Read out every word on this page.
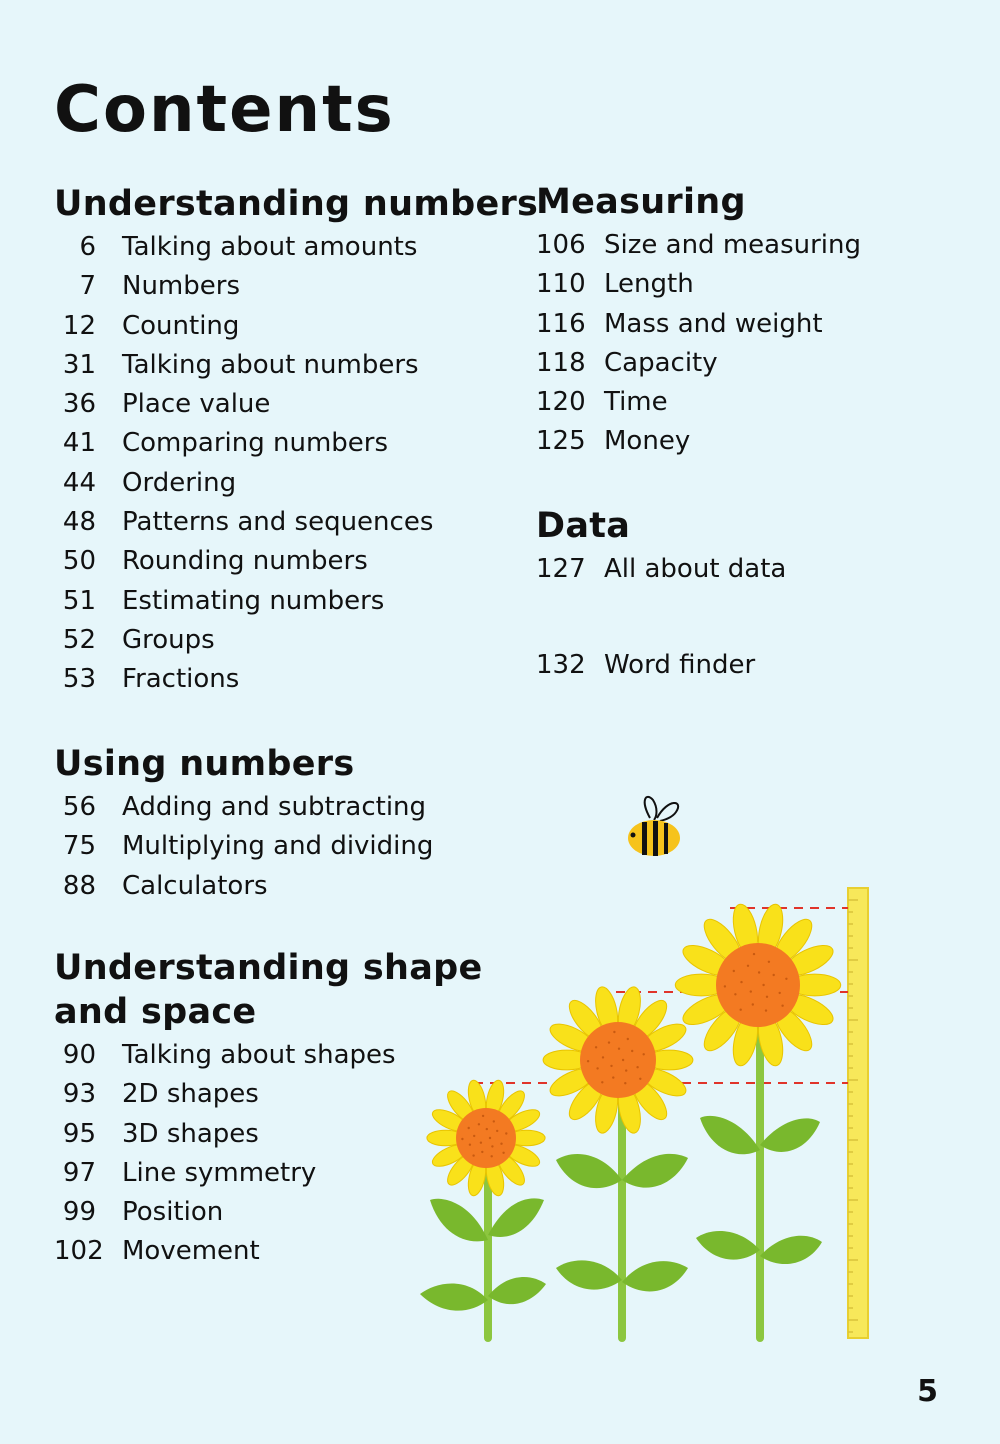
Contents
Understanding numbers
6 Talking about amounts
7 Numbers
12 Counting
31 Talking about numbers
36 Place value
41 Comparing numbers
44 Ordering
48 Patterns and sequences
50 Rounding numbers
51 Estimating numbers
52 Groups
53 Fractions
Using numbers
56 Adding and subtracting
75 Multiplying and dividing
88 Calculators
Understanding shape
and space
90 Talking about shapes
93 2D shapes
95 3D shapes
97 Line symmetry
99 Position
102 Movement
Measuring
106 Size and measuring
110 Length
116 Mass and weight
118 Capacity
120 Time
125 Money
Data
127 All about data
132 Word finder
5
